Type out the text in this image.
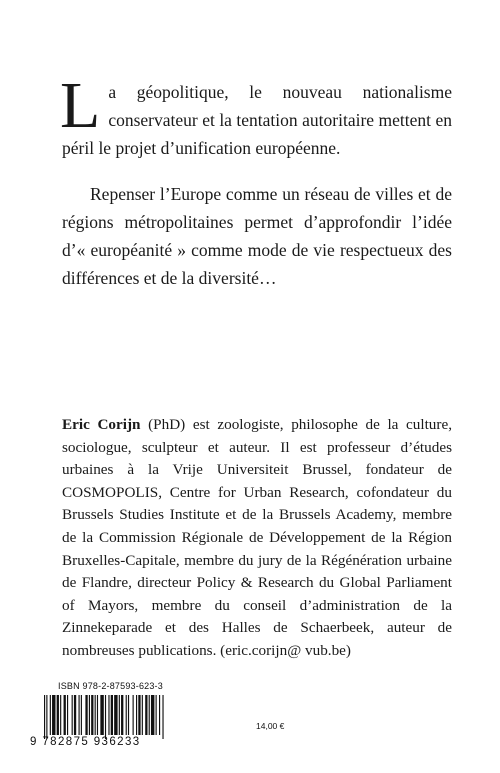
La géopolitique, le nouveau nationalisme conservateur et la tentation autoritaire mettent en péril le projet d’unification européenne.
Repenser l’Europe comme un réseau de villes et de régions métropolitaines permet d’approfondir l’idée d’« européanité » comme mode de vie respectueux des différences et de la diversité…
Eric Corijn (PhD) est zoologiste, philosophe de la culture, sociologue, sculpteur et auteur. Il est professeur d’études urbaines à la Vrije Universiteit Brussel, fondateur de COSMOPOLIS, Centre for Urban Research, cofondateur du Brussels Studies Institute et de la Brussels Academy, membre de la Commission Régionale de Développement de la Région Bruxelles-Capitale, membre du jury de la Régénération urbaine de Flandre, directeur Policy & Research du Global Parliament of Mayors, membre du conseil d’administration de la Zinnekeparade et des Halles de Schaerbeek, auteur de nombreuses publications. (eric.corijn@ vub.be)
ISBN 978-2-87593-623-3
9 782875 936233
14,00 €
